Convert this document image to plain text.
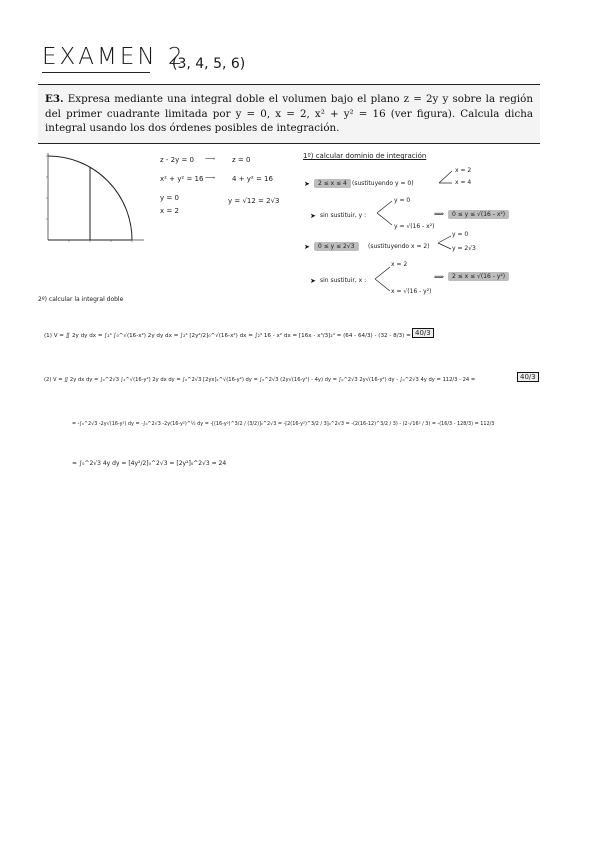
EXAMEN 2
(3, 4, 5, 6)
E3. Expresa mediante una integral doble el volumen bajo el plano z = 2y y sobre la región del primer cuadrante limitada por y = 0, x = 2, x² + y² = 16 (ver figura). Calcula dicha integral usando los dos órdenes posibles de integración.
z - 2y = 0 ⟶ z = 0
x² + y² = 16 ⟶ 4 + y² = 16
y = 0	y = √12 = 2√3
x = 2
1º) calcular dominio de integración
➤	2 ≤ x ≤ 4 (sustituyendo y = 0)
x = 2
x = 4
➤ sin sustituir, y :
y = 0
y = √(16 - x²)
⟹	0 ≤ y ≤ √(16 - x²)
➤	0 ≤ y ≤ 2√3	(sustituyendo x = 2)
y = 0
y = 2√3
➤ sin sustituir, x :
x = 2
x = √(16 - y²)
⟹	2 ≤ x ≤ √(16 - y²)
2º) calcular la integral doble
(1) V = ∬ 2y dy dx = ∫₂⁴ ∫₀^√(16-x²) 2y dy dx = ∫₂⁴ [2y²/2]₀^√(16-x²) dx = ∫₂⁴ 16 - x² dx = [16x - x³/3]₂⁴ = (64 - 64/3) - (32 - 8/3) = 40/3
(2) V = ∬ 2y dx dy = ∫₀^2√3 ∫₂^√(16-y²) 2y dx dy = ∫₀^2√3 [2yx]₂^√(16-y²) dy = ∫₀^2√3 (2y√(16-y²) - 4y) dy = ∫₀^2√3 2y√(16-y²) dy - ∫₀^2√3 4y dy = 112/3 - 24 =	40/3
= -∫₀^2√3 -2y√(16-y²) dy = -∫₀^2√3 -2y(16-y²)^½ dy = -[(16-y²)^3/2 / (3/2)]₀^2√3 = -[2(16-y²)^3/2 / 3]₀^2√3 = -(2(16-12)^3/2 / 3) - (2·√16³ / 3) = -(16/3 - 128/3) = 112/3
= ∫₀^2√3 4y dy = [4y²/2]₀^2√3 = [2y²]₀^2√3 = 24
